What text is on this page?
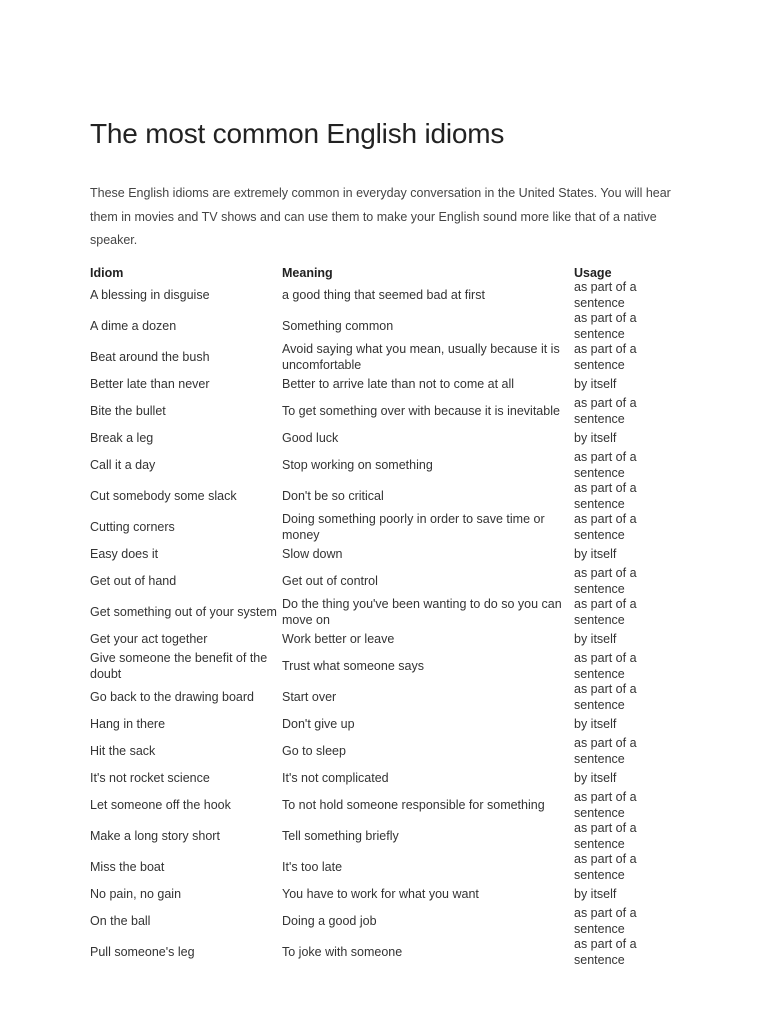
The most common English idioms

These English idioms are extremely common in everyday conversation in the United States. You will hear them in movies and TV shows and can use them to make your English sound more like that of a native speaker.

Idiom	Meaning	Usage
A blessing in disguise	a good thing that seemed bad at first	as part of a sentence
A dime a dozen	Something common	as part of a sentence
Beat around the bush	Avoid saying what you mean, usually because it is uncomfortable	as part of a sentence
Better late than never	Better to arrive late than not to come at all	by itself
Bite the bullet	To get something over with because it is inevitable	as part of a sentence
Break a leg	Good luck	by itself
Call it a day	Stop working on something	as part of a sentence
Cut somebody some slack	Don't be so critical	as part of a sentence
Cutting corners	Doing something poorly in order to save time or money	as part of a sentence
Easy does it	Slow down	by itself
Get out of hand	Get out of control	as part of a sentence
Get something out of your system	Do the thing you've been wanting to do so you can move on	as part of a sentence
Get your act together	Work better or leave	by itself
Give someone the benefit of the doubt	Trust what someone says	as part of a sentence
Go back to the drawing board	Start over	as part of a sentence
Hang in there	Don't give up	by itself
Hit the sack	Go to sleep	as part of a sentence
It's not rocket science	It's not complicated	by itself
Let someone off the hook	To not hold someone responsible for something	as part of a sentence
Make a long story short	Tell something briefly	as part of a sentence
Miss the boat	It's too late	as part of a sentence
No pain, no gain	You have to work for what you want	by itself
On the ball	Doing a good job	as part of a sentence
Pull someone's leg	To joke with someone	as part of a sentence
